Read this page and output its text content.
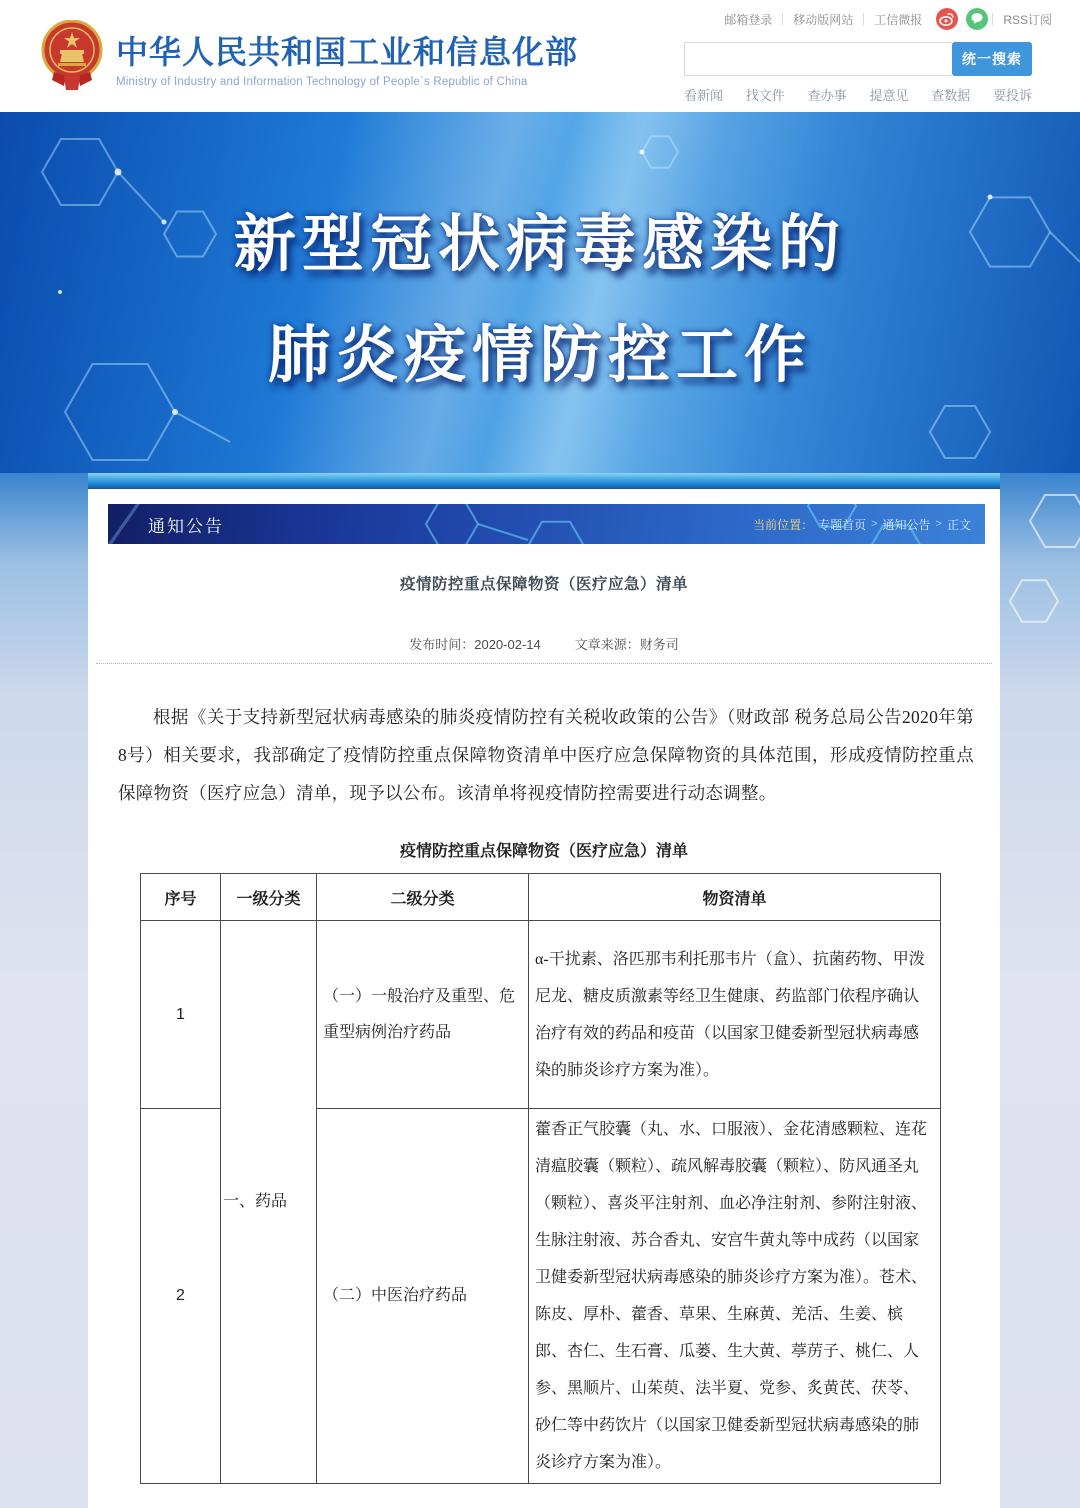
中华人民共和国工业和信息化部
Ministry of Industry and Information Technology of People`s Republic of China
邮箱登录	移动版网站	工信微报	RSS订阅
统一搜索
看新闻 找文件 查办事 提意见 查数据 要投诉
新型冠状病毒感染的
肺炎疫情防控工作
通知公告	当前位置： 专题首页 > 通知公告 > 正文
疫情防控重点保障物资（医疗应急）清单
发布时间：2020-02-14	文章来源：财务司

根据《关于支持新型冠状病毒感染的肺炎疫情防控有关税收政策的公告》（财政部 税务总局公告2020年第8号）相关要求，我部确定了疫情防控重点保障物资清单中医疗应急保障物资的具体范围，形成疫情防控重点保障物资（医疗应急）清单，现予以公布。该清单将视疫情防控需要进行动态调整。

疫情防控重点保障物资（医疗应急）清单
序号	一级分类	二级分类	物资清单
1	一、药品	（一）一般治疗及重型、危重型病例治疗药品	α-干扰素、洛匹那韦利托那韦片（盒）、抗菌药物、甲泼尼龙、糖皮质激素等经卫生健康、药监部门依程序确认治疗有效的药品和疫苗（以国家卫健委新型冠状病毒感染的肺炎诊疗方案为准）。
2		（二）中医治疗药品	藿香正气胶囊（丸、水、口服液）、金花清感颗粒、连花清瘟胶囊（颗粒）、疏风解毒胶囊（颗粒）、防风通圣丸（颗粒）、喜炎平注射剂、血必净注射剂、参附注射液、生脉注射液、苏合香丸、安宫牛黄丸等中成药（以国家卫健委新型冠状病毒感染的肺炎诊疗方案为准）。苍术、陈皮、厚朴、藿香、草果、生麻黄、羌活、生姜、槟郎、杏仁、生石膏、瓜蒌、生大黄、葶苈子、桃仁、人参、黑顺片、山茱萸、法半夏、党参、炙黄芪、茯苓、砂仁等中药饮片（以国家卫健委新型冠状病毒感染的肺炎诊疗方案为准）。
